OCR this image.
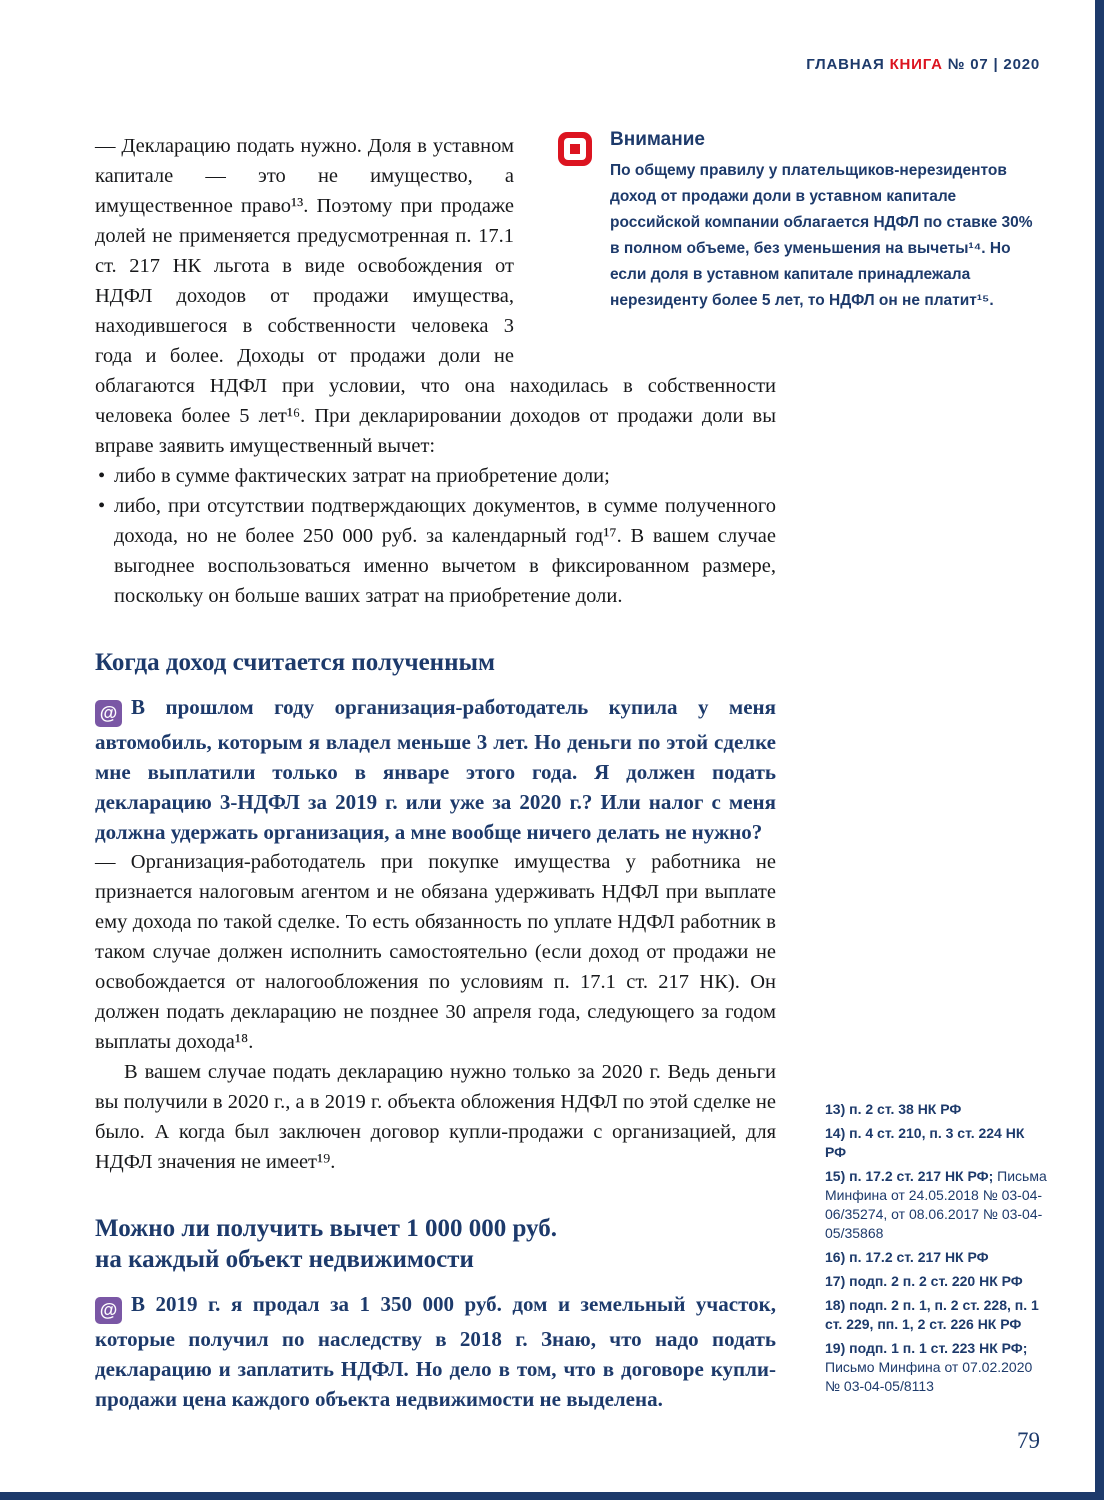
ГЛАВНАЯ КНИГА № 07 | 2020
Внимание
По общему правилу у плательщиков-нерезидентов доход от продажи доли в уставном капитале российской компании облагается НДФЛ по ставке 30% в полном объеме, без уменьшения на вычеты¹⁴. Но если доля в уставном капитале принадлежала нерезиденту более 5 лет, то НДФЛ он не платит¹⁵.
— Декларацию подать нужно. Доля в уставном капитале — это не имущество, а имущественное право¹³. Поэтому при продаже долей не применяется предусмотренная п. 17.1 ст. 217 НК льгота в виде освобождения от НДФЛ доходов от продажи имущества, находившегося в собственности человека 3 года и более. Доходы от продажи доли не облагаются НДФЛ при условии, что она находилась в собственности человека более 5 лет¹⁶. При декларировании доходов от продажи доли вы вправе заявить имущественный вычет:
• либо в сумме фактических затрат на приобретение доли;
• либо, при отсутствии подтверждающих документов, в сумме полученного дохода, но не более 250 000 руб. за календарный год¹⁷. В вашем случае выгоднее воспользоваться именно вычетом в фиксированном размере, поскольку он больше ваших затрат на приобретение доли.
Когда доход считается полученным
@ В прошлом году организация-работодатель купила у меня автомобиль, которым я владел меньше 3 лет. Но деньги по этой сделке мне выплатили только в январе этого года. Я должен подать декларацию 3-НДФЛ за 2019 г. или уже за 2020 г.? Или налог с меня должна удержать организация, а мне вообще ничего делать не нужно?
— Организация-работодатель при покупке имущества у работника не признается налоговым агентом и не обязана удерживать НДФЛ при выплате ему дохода по такой сделке. То есть обязанность по уплате НДФЛ работник в таком случае должен исполнить самостоятельно (если доход от продажи не освобождается от налогообложения по условиям п. 17.1 ст. 217 НК). Он должен подать декларацию не позднее 30 апреля года, следующего за годом выплаты дохода¹⁸.
В вашем случае подать декларацию нужно только за 2020 г. Ведь деньги вы получили в 2020 г., а в 2019 г. объекта обложения НДФЛ по этой сделке не было. А когда был заключен договор купли-продажи с организацией, для НДФЛ значения не имеет¹⁹.
Можно ли получить вычет 1 000 000 руб.
на каждый объект недвижимости
@ В 2019 г. я продал за 1 350 000 руб. дом и земельный участок, которые получил по наследству в 2018 г. Знаю, что надо подать декларацию и заплатить НДФЛ. Но дело в том, что в договоре купли-продажи цена каждого объекта недвижимости не выделена.
13) п. 2 ст. 38 НК РФ
14) п. 4 ст. 210, п. 3 ст. 224 НК РФ
15) п. 17.2 ст. 217 НК РФ; Письма Минфина от 24.05.2018 № 03-04-06/35274, от 08.06.2017 № 03-04-05/35868
16) п. 17.2 ст. 217 НК РФ
17) подп. 2 п. 2 ст. 220 НК РФ
18) подп. 2 п. 1, п. 2 ст. 228, п. 1 ст. 229, пп. 1, 2 ст. 226 НК РФ
19) подп. 1 п. 1 ст. 223 НК РФ; Письмо Минфина от 07.02.2020 № 03-04-05/8113
79
